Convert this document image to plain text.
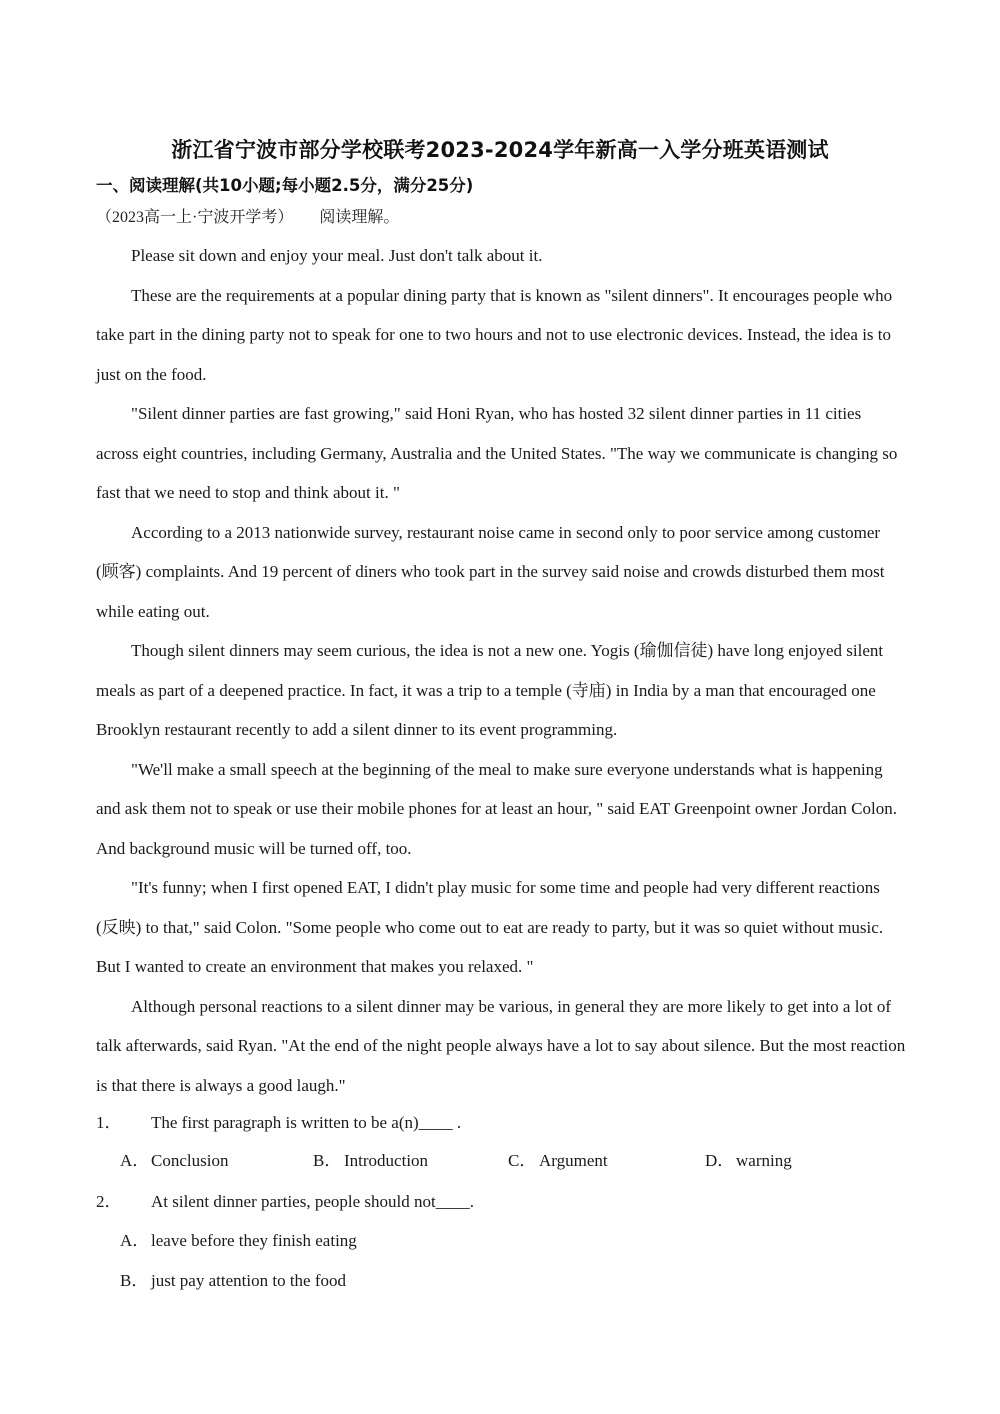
浙江省宁波市部分学校联考2023-2024学年新高一入学分班英语测试
一、阅读理解(共10小题;每小题2.5分，满分25分)
（2023高一上·宁波开学考） 阅读理解。

Please sit down and enjoy your meal. Just don't talk about it.

These are the requirements at a popular dining party that is known as "silent dinners". It encourages people who take part in the dining party not to speak for one to two hours and not to use electronic devices. Instead, the idea is to just on the food.

"Silent dinner parties are fast growing," said Honi Ryan, who has hosted 32 silent dinner parties in 11 cities across eight countries, including Germany, Australia and the United States. "The way we communicate is changing so fast that we need to stop and think about it. "

According to a 2013 nationwide survey, restaurant noise came in second only to poor service among customer (顾客) complaints. And 19 percent of diners who took part in the survey said noise and crowds disturbed them most while eating out.

Though silent dinners may seem curious, the idea is not a new one. Yogis (瑜伽信徒) have long enjoyed silent meals as part of a deepened practice. In fact, it was a trip to a temple (寺庙) in India by a man that encouraged one Brooklyn restaurant recently to add a silent dinner to its event programming.

"We'll make a small speech at the beginning of the meal to make sure everyone understands what is happening and ask them not to speak or use their mobile phones for at least an hour, " said EAT Greenpoint owner Jordan Colon. And background music will be turned off, too.

"It's funny; when I first opened EAT, I didn't play music for some time and people had very different reactions (反映) to that," said Colon. "Some people who come out to eat are ready to party, but it was so quiet without music. But I wanted to create an environment that makes you relaxed. "

Although personal reactions to a silent dinner may be various, in general they are more likely to get into a lot of talk afterwards, said Ryan. "At the end of the night people always have a lot to say about silence. But the most reaction is that there is always a good laugh."

1． The first paragraph is written to be a(n)____ .
A． Conclusion	B． Introduction	C． Argument	D． warning
2． At silent dinner parties, people should not____.
A． leave before they finish eating
B． just pay attention to the food
